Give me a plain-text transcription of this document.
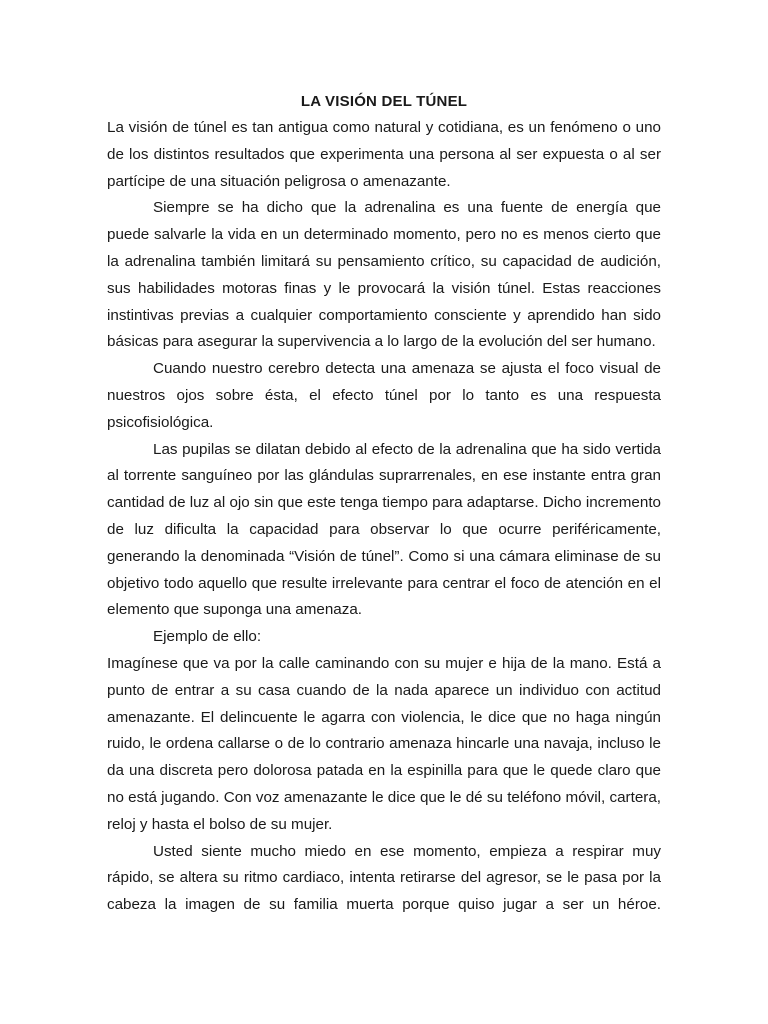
LA VISIÓN DEL TÚNEL

La visión de túnel es tan antigua como natural y cotidiana, es un fenómeno o uno de los distintos resultados que experimenta una persona al ser expuesta o al ser partícipe de una situación peligrosa o amenazante.

Siempre se ha dicho que la adrenalina es una fuente de energía que puede salvarle la vida en un determinado momento, pero no es menos cierto que la adrenalina también limitará su pensamiento crítico, su capacidad de audición, sus habilidades motoras finas y le provocará la visión túnel. Estas reacciones instintivas previas a cualquier comportamiento consciente y aprendido han sido básicas para asegurar la supervivencia a lo largo de la evolución del ser humano.

Cuando nuestro cerebro detecta una amenaza se ajusta el foco visual de nuestros ojos sobre ésta, el efecto túnel por lo tanto es una respuesta psicofisiológica.

Las pupilas se dilatan debido al efecto de la adrenalina que ha sido vertida al torrente sanguíneo por las glándulas suprarrenales, en ese instante entra gran cantidad de luz al ojo sin que este tenga tiempo para adaptarse. Dicho incremento de luz dificulta la capacidad para observar lo que ocurre periféricamente, generando la denominada “Visión de túnel”. Como si una cámara eliminase de su objetivo todo aquello que resulte irrelevante para centrar el foco de atención en el elemento que suponga una amenaza.

Ejemplo de ello:

Imagínese que va por la calle caminando con su mujer e hija de la mano. Está a punto de entrar a su casa cuando de la nada aparece un individuo con actitud amenazante. El delincuente le agarra con violencia, le dice que no haga ningún ruido, le ordena callarse o de lo contrario amenaza hincarle una navaja, incluso le da una discreta pero dolorosa patada en la espinilla para que le quede claro que no está jugando. Con voz amenazante le dice que le dé su teléfono móvil, cartera, reloj y hasta el bolso de su mujer.

Usted siente mucho miedo en ese momento, empieza a respirar muy rápido, se altera su ritmo cardiaco, intenta retirarse del agresor, se le pasa por la cabeza la imagen de su familia muerta porque quiso jugar a ser un héroe.
